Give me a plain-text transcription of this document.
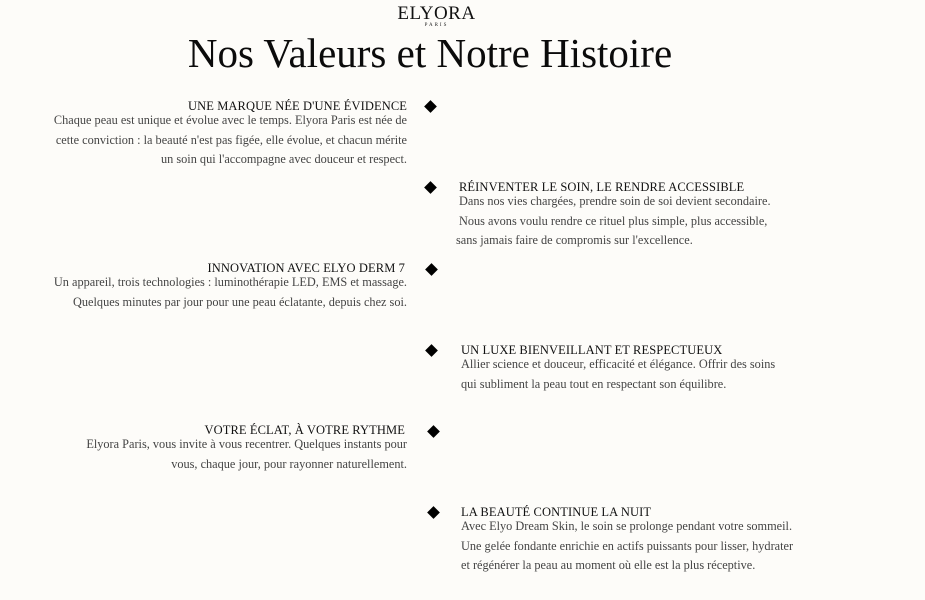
ELYORA
PARIS
Nos Valeurs et Notre Histoire
UNE MARQUE NÉE D'UNE ÉVIDENCE
Chaque peau est unique et évolue avec le temps. Elyora Paris est née de
cette conviction : la beauté n'est pas figée, elle évolue, et chacun mérite
un soin qui l'accompagne avec douceur et respect.
RÉINVENTER LE SOIN, LE RENDRE ACCESSIBLE
Dans nos vies chargées, prendre soin de soi devient secondaire.
Nous avons voulu rendre ce rituel plus simple, plus accessible,
sans jamais faire de compromis sur l'excellence.
INNOVATION AVEC ELYO DERM 7
Un appareil, trois technologies : luminothérapie LED, EMS et massage.
Quelques minutes par jour pour une peau éclatante, depuis chez soi.
UN LUXE BIENVEILLANT ET RESPECTUEUX
Allier science et douceur, efficacité et élégance. Offrir des soins
qui subliment la peau tout en respectant son équilibre.
VOTRE ÉCLAT, À VOTRE RYTHME
Elyora Paris, vous invite à vous recentrer. Quelques instants pour
vous, chaque jour, pour rayonner naturellement.
LA BEAUTÉ CONTINUE LA NUIT
Avec Elyo Dream Skin, le soin se prolonge pendant votre sommeil.
Une gelée fondante enrichie en actifs puissants pour lisser, hydrater
et régénérer la peau au moment où elle est la plus réceptive.
